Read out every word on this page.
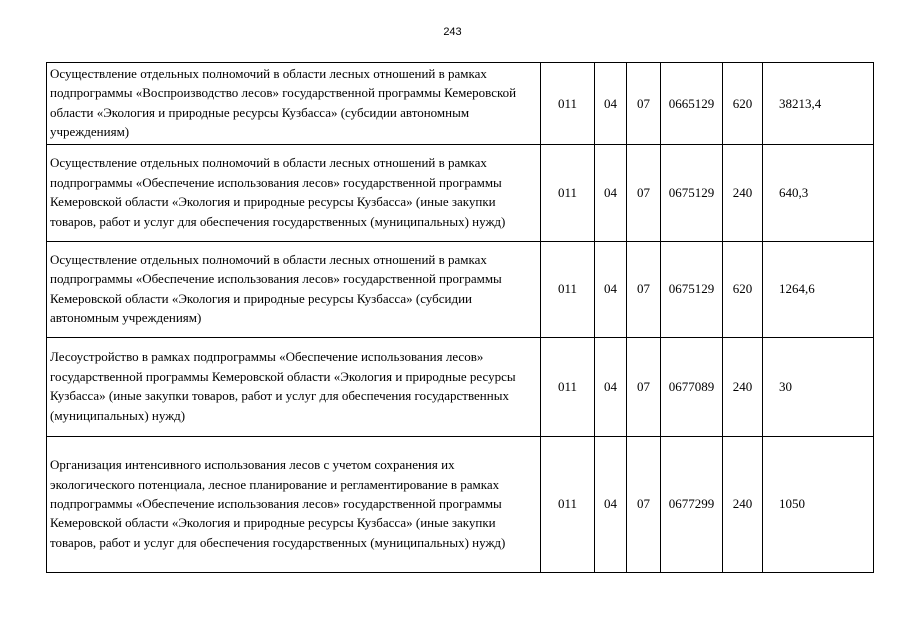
243
Осуществление отдельных полномочий в области лесных отношений в рамках подпрограммы «Воспроизводство лесов» государственной программы Кемеровской области «Экология и природные ресурсы Кузбасса» (субсидии автономным учреждениям)	011	04	07	0665129	620	38213,4
Осуществление отдельных полномочий в области лесных отношений в рамках подпрограммы «Обеспечение использования лесов» государственной программы Кемеровской области «Экология и природные ресурсы Кузбасса» (иные закупки товаров, работ и услуг для обеспечения государственных (муниципальных) нужд)	011	04	07	0675129	240	640,3
Осуществление отдельных полномочий в области лесных отношений в рамках подпрограммы «Обеспечение использования лесов» государственной программы Кемеровской области «Экология и природные ресурсы Кузбасса» (субсидии автономным учреждениям)	011	04	07	0675129	620	1264,6
Лесоустройство в рамках подпрограммы «Обеспечение использования лесов» государственной программы Кемеровской области «Экология и природные ресурсы Кузбасса» (иные закупки товаров, работ и услуг для обеспечения государственных (муниципальных) нужд)	011	04	07	0677089	240	30
Организация интенсивного использования лесов с учетом сохранения их экологического потенциала, лесное планирование и регламентирование в рамках подпрограммы «Обеспечение использования лесов» государственной программы Кемеровской области «Экология и природные ресурсы Кузбасса» (иные закупки товаров, работ и услуг для обеспечения государственных (муниципальных) нужд)	011	04	07	0677299	240	1050
